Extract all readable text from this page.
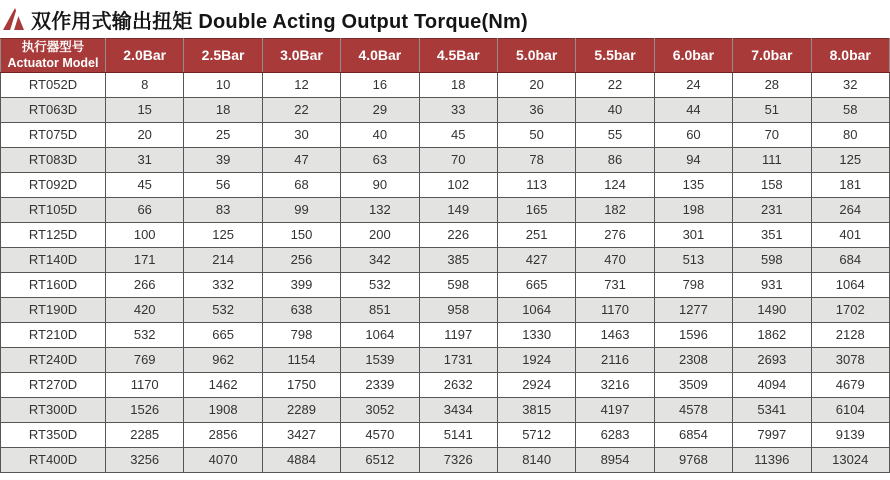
双作用式输出扭矩 Double Acting Output Torque(Nm)
执行器型号
Actuator Model	2.0Bar	2.5Bar	3.0Bar	4.0Bar	4.5Bar	5.0bar	5.5bar	6.0bar	7.0bar	8.0bar
RT052D	8	10	12	16	18	20	22	24	28	32
RT063D	15	18	22	29	33	36	40	44	51	58
RT075D	20	25	30	40	45	50	55	60	70	80
RT083D	31	39	47	63	70	78	86	94	111	125
RT092D	45	56	68	90	102	113	124	135	158	181
RT105D	66	83	99	132	149	165	182	198	231	264
RT125D	100	125	150	200	226	251	276	301	351	401
RT140D	171	214	256	342	385	427	470	513	598	684
RT160D	266	332	399	532	598	665	731	798	931	1064
RT190D	420	532	638	851	958	1064	1170	1277	1490	1702
RT210D	532	665	798	1064	1197	1330	1463	1596	1862	2128
RT240D	769	962	1154	1539	1731	1924	2116	2308	2693	3078
RT270D	1170	1462	1750	2339	2632	2924	3216	3509	4094	4679
RT300D	1526	1908	2289	3052	3434	3815	4197	4578	5341	6104
RT350D	2285	2856	3427	4570	5141	5712	6283	6854	7997	9139
RT400D	3256	4070	4884	6512	7326	8140	8954	9768	11396	13024
